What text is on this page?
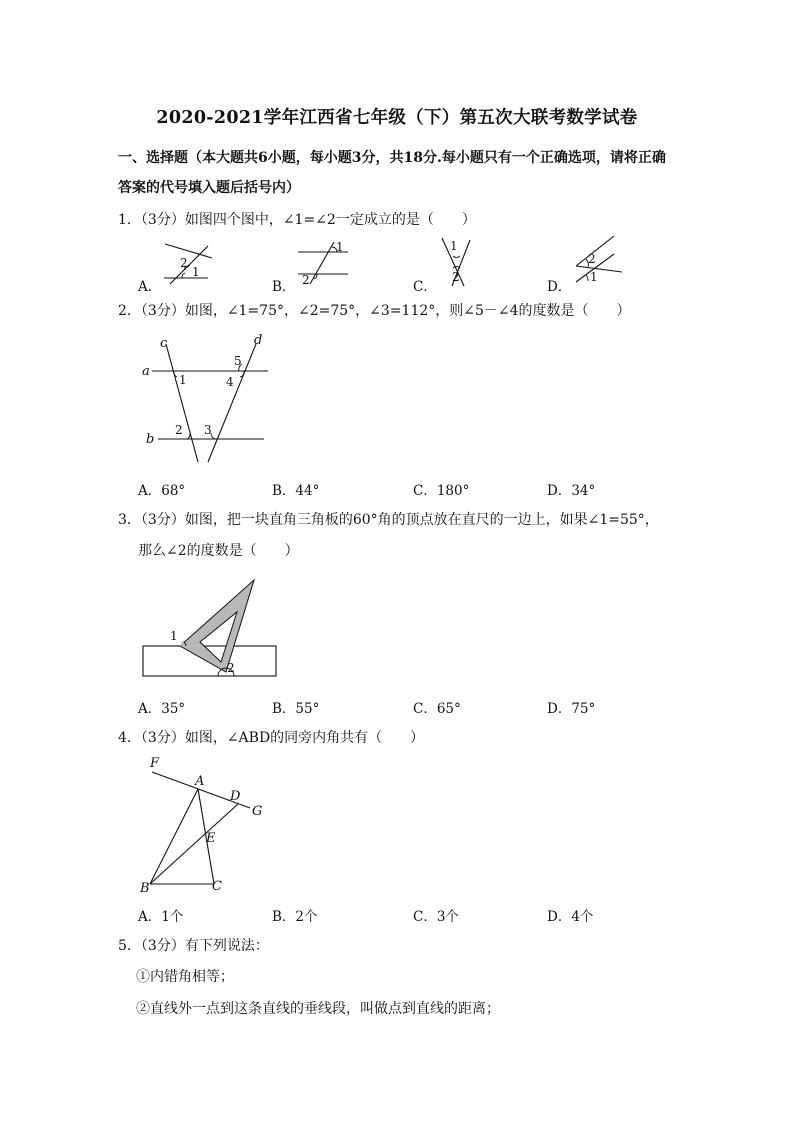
2020-2021学年江西省七年级（下）第五次大联考数学试卷
一、选择题（本大题共6小题，每小题3分，共18分.每小题只有一个正确选项，请将正确答案的代号填入题后括号内）
1．（3分）如图四个图中，∠1=∠2一定成立的是（　　）
2
1
A．
1
2
B．
1
2
C．
2
1
D．
2．（3分）如图，∠1=75°，∠2=75°，∠3=112°，则∠5－∠4的度数是（　　）
a
b
c	d
1
2 3
4
5
A．68°	B．44°	C．180°	D．34°
3．（3分）如图，把一块直角三角板的60°角的顶点放在直尺的一边上，如果∠1=55°，
那么∠2的度数是（　　）
1
2
A．35°	B．55°	C．65°	D．75°
4．（3分）如图，∠ABD的同旁内角共有（　　）
F
A
D
G
E
B	C
A．1个	B．2个	C．3个	D．4个
5．（3分）有下列说法：
①内错角相等；
②直线外一点到这条直线的垂线段，叫做点到直线的距离；
